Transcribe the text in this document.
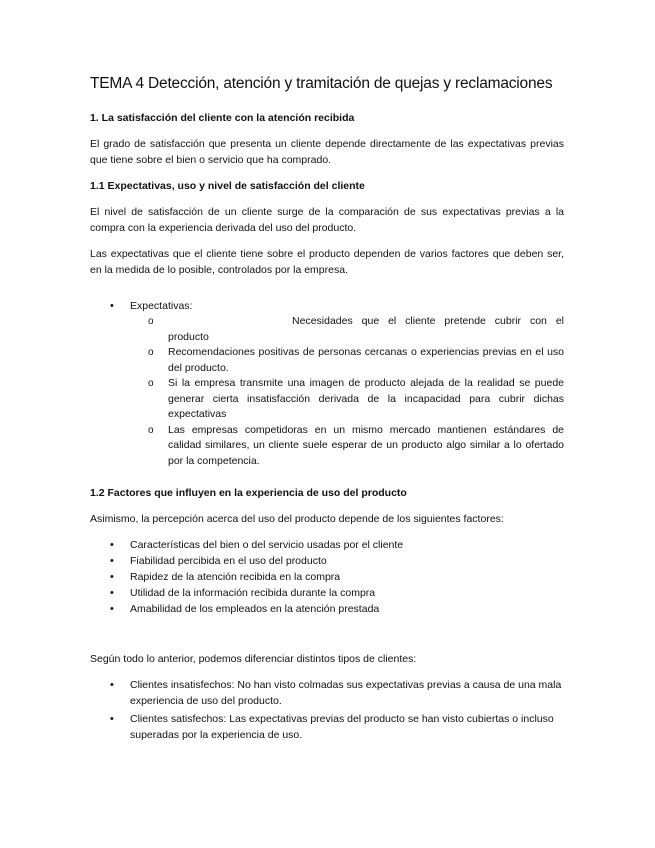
TEMA 4 Detección, atención y tramitación de quejas y reclamaciones
1. La satisfacción del cliente con la atención recibida

El grado de satisfacción que presenta un cliente depende directamente de las expectativas previas que tiene sobre el bien o servicio que ha comprado.

1.1 Expectativas, uso y nivel de satisfacción del cliente

El nivel de satisfacción de un cliente surge de la comparación de sus expectativas previas a la compra con la experiencia derivada del uso del producto.

Las expectativas que el cliente tiene sobre el producto dependen de varios factores que deben ser, en la medida de lo posible, controlados por la empresa.

• Expectativas:
o Necesidades que el cliente pretende cubrir con el
producto
o Recomendaciones positivas de personas cercanas o experiencias previas en el uso del producto.
o Si la empresa transmite una imagen de producto alejada de la realidad se puede generar cierta insatisfacción derivada de la incapacidad para cubrir dichas expectativas
o Las empresas competidoras en un mismo mercado mantienen estándares de calidad similares, un cliente suele esperar de un producto algo similar a lo ofertado por la competencia.
1.2 Factores que influyen en la experiencia de uso del producto

Asimismo, la percepción acerca del uso del producto depende de los siguientes factores:

• Características del bien o del servicio usadas por el cliente
• Fiabilidad percibida en el uso del producto
• Rapidez de la atención recibida en la compra
• Utilidad de la información recibida durante la compra
• Amabilidad de los empleados en la atención prestada

Según todo lo anterior, podemos diferenciar distintos tipos de clientes:

• Clientes insatisfechos: No han visto colmadas sus expectativas previas a causa de una mala experiencia de uso del producto.
• Clientes satisfechos: Las expectativas previas del producto se han visto cubiertas o incluso superadas por la experiencia de uso.
